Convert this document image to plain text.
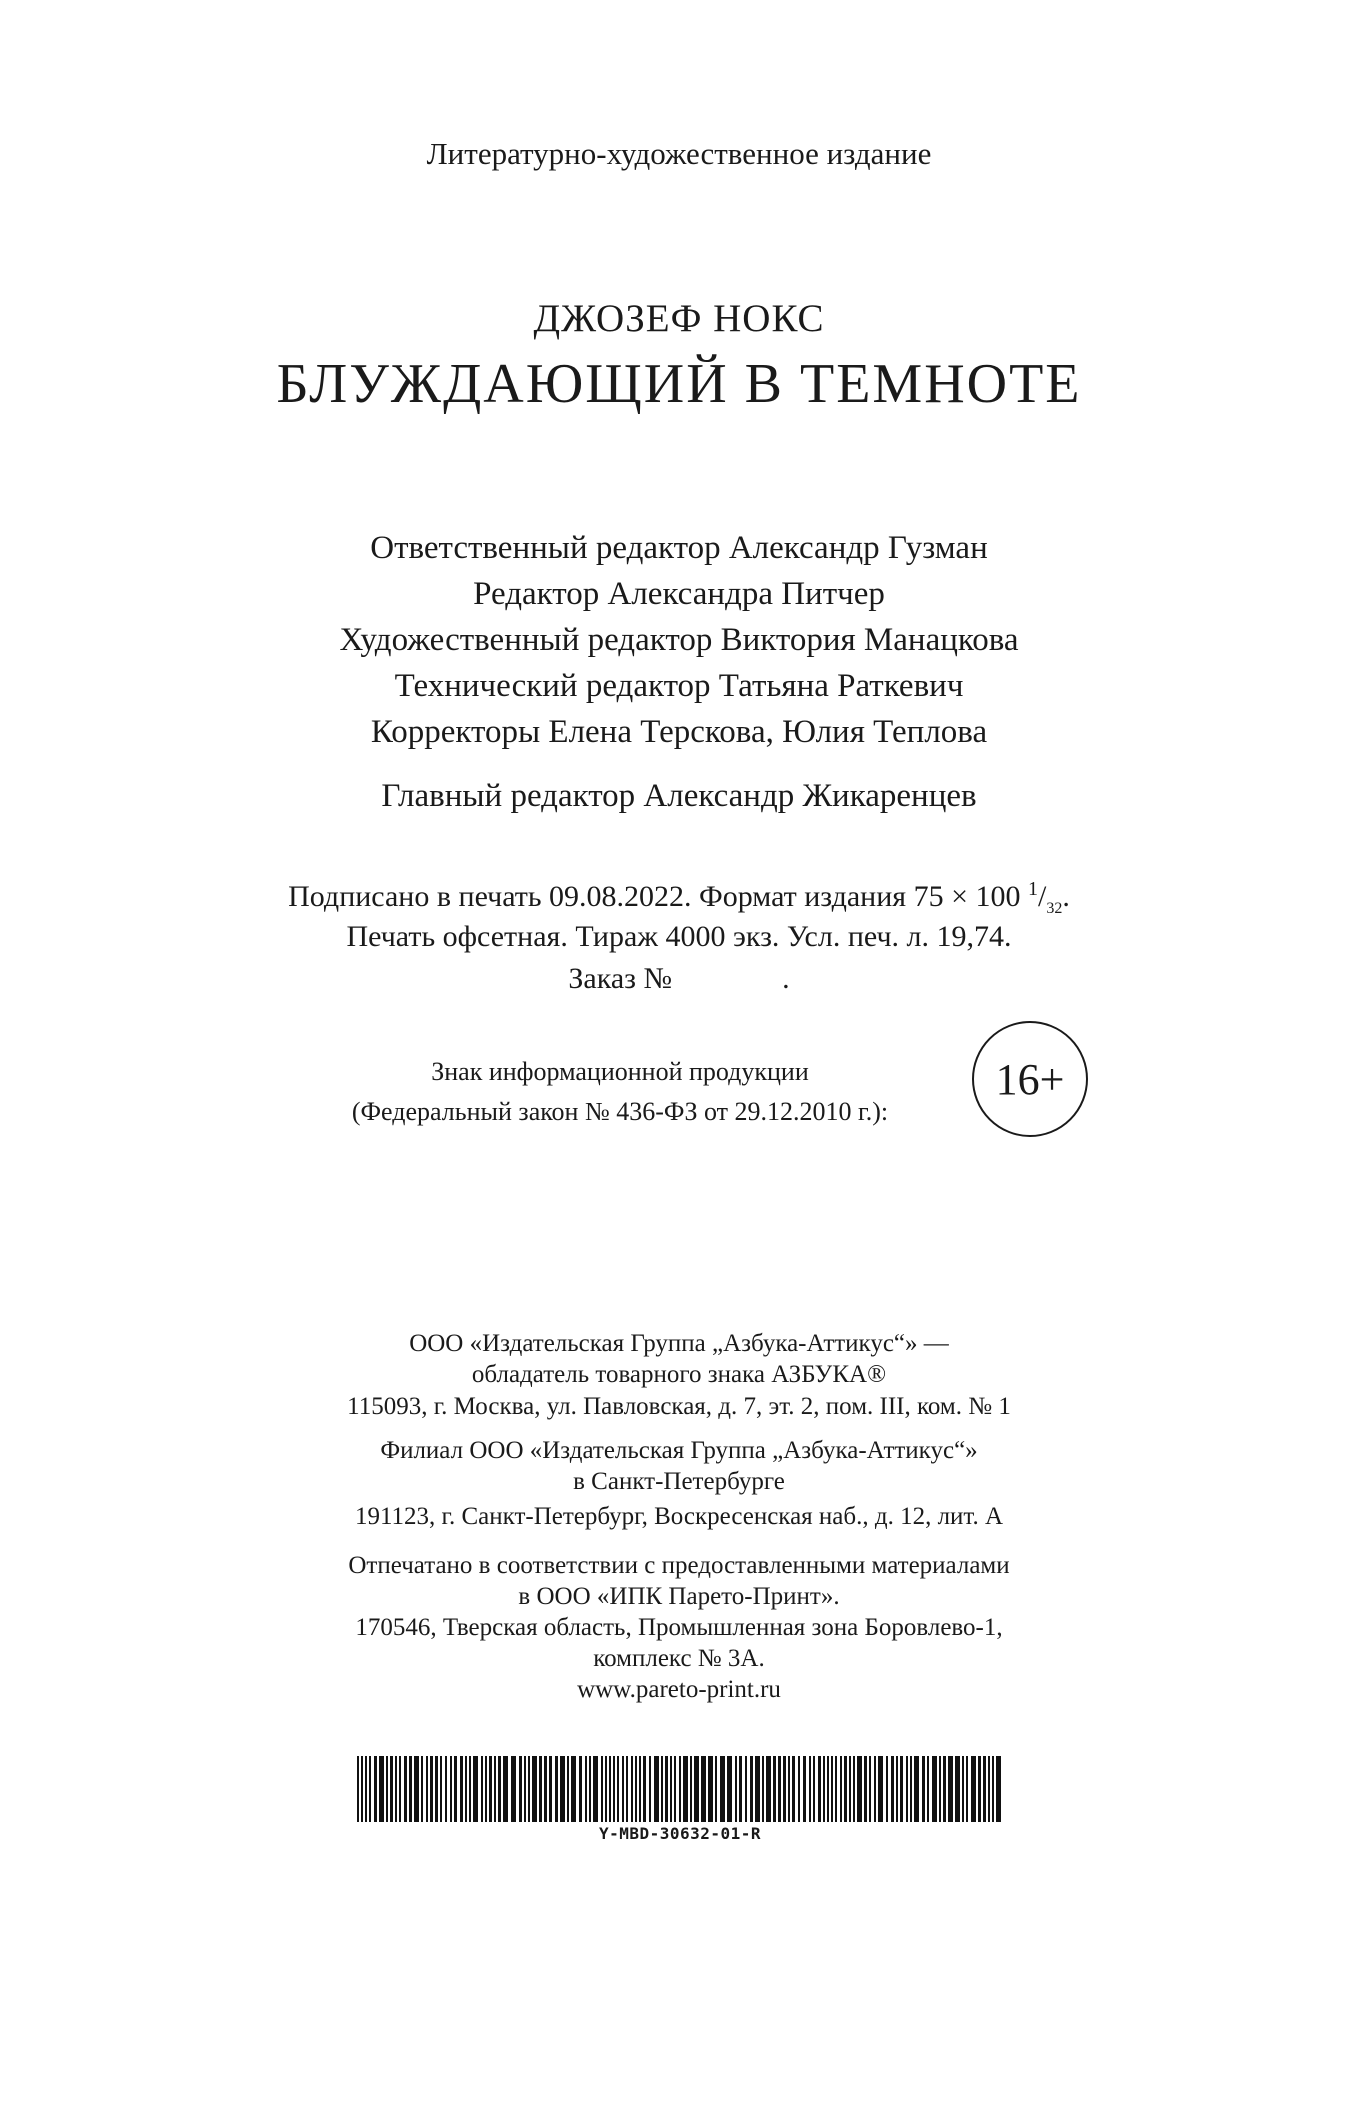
Литературно-художественное издание
ДЖОЗЕФ НОКС
БЛУЖДАЮЩИЙ В ТЕМНОТЕ
Ответственный редактор Александр Гузман
Редактор Александра Питчер
Художественный редактор Виктория Манацкова
Технический редактор Татьяна Раткевич
Корректоры Елена Терскова, Юлия Теплова
Главный редактор Александр Жикаренцев
Подписано в печать 09.08.2022. Формат издания 75 × 100 $^1/_{32}$.
Печать офсетная. Тираж 4000 экз. Усл. печ. л. 19,74.
Заказ №	.
Знак информационной продукции
(Федеральный закон № 436-ФЗ от 29.12.2010 г.):
16+
ООО «Издательская Группа „Азбука-Аттикус“» —
обладатель товарного знака АЗБУКА®
115093, г. Москва, ул. Павловская, д. 7, эт. 2, пом. III, ком. № 1
Филиал ООО «Издательская Группа „Азбука-Аттикус“»
в Санкт-Петербурге
191123, г. Санкт-Петербург, Воскресенская наб., д. 12, лит. А
Отпечатано в соответствии с предоставленными материалами
в ООО «ИПК Парето-Принт».
170546, Тверская область, Промышленная зона Боровлево-1,
комплекс № 3А.
www.pareto-print.ru
Y-MBD-30632-01-R
